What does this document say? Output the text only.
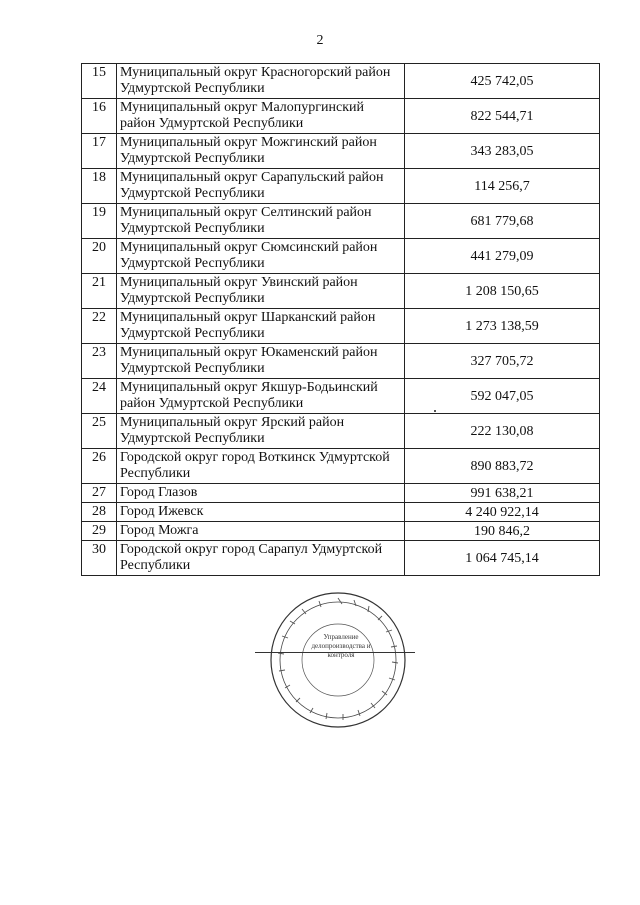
2
15	Муниципальный округ Красногорский район Удмуртской Республики	425 742,05
16	Муниципальный округ Малопургинский район Удмуртской Республики	822 544,71
17	Муниципальный округ Можгинский район Удмуртской Республики	343 283,05
18	Муниципальный округ Сарапульский район Удмуртской Республики	114 256,7
19	Муниципальный округ Селтинский район Удмуртской Республики	681 779,68
20	Муниципальный округ Сюмсинский район Удмуртской Республики	441 279,09
21	Муниципальный округ Увинский район Удмуртской Республики	1 208 150,65
22	Муниципальный округ Шарканский район Удмуртской Республики	1 273 138,59
23	Муниципальный округ Юкаменский район Удмуртской Республики	327 705,72
24	Муниципальный округ Якшур-Бодьинский район Удмуртской Республики	592 047,05
25	Муниципальный округ Ярский район Удмуртской Республики	222 130,08
26	Городской округ город Воткинск Удмуртской Республики	890 883,72
27	Город Глазов	991 638,21
28	Город Ижевск	4 240 922,14
29	Город Можга	190 846,2
30	Городской округ город Сарапул Удмуртской Республики	1 064 745,14
Управление делопроизводства и контроля
